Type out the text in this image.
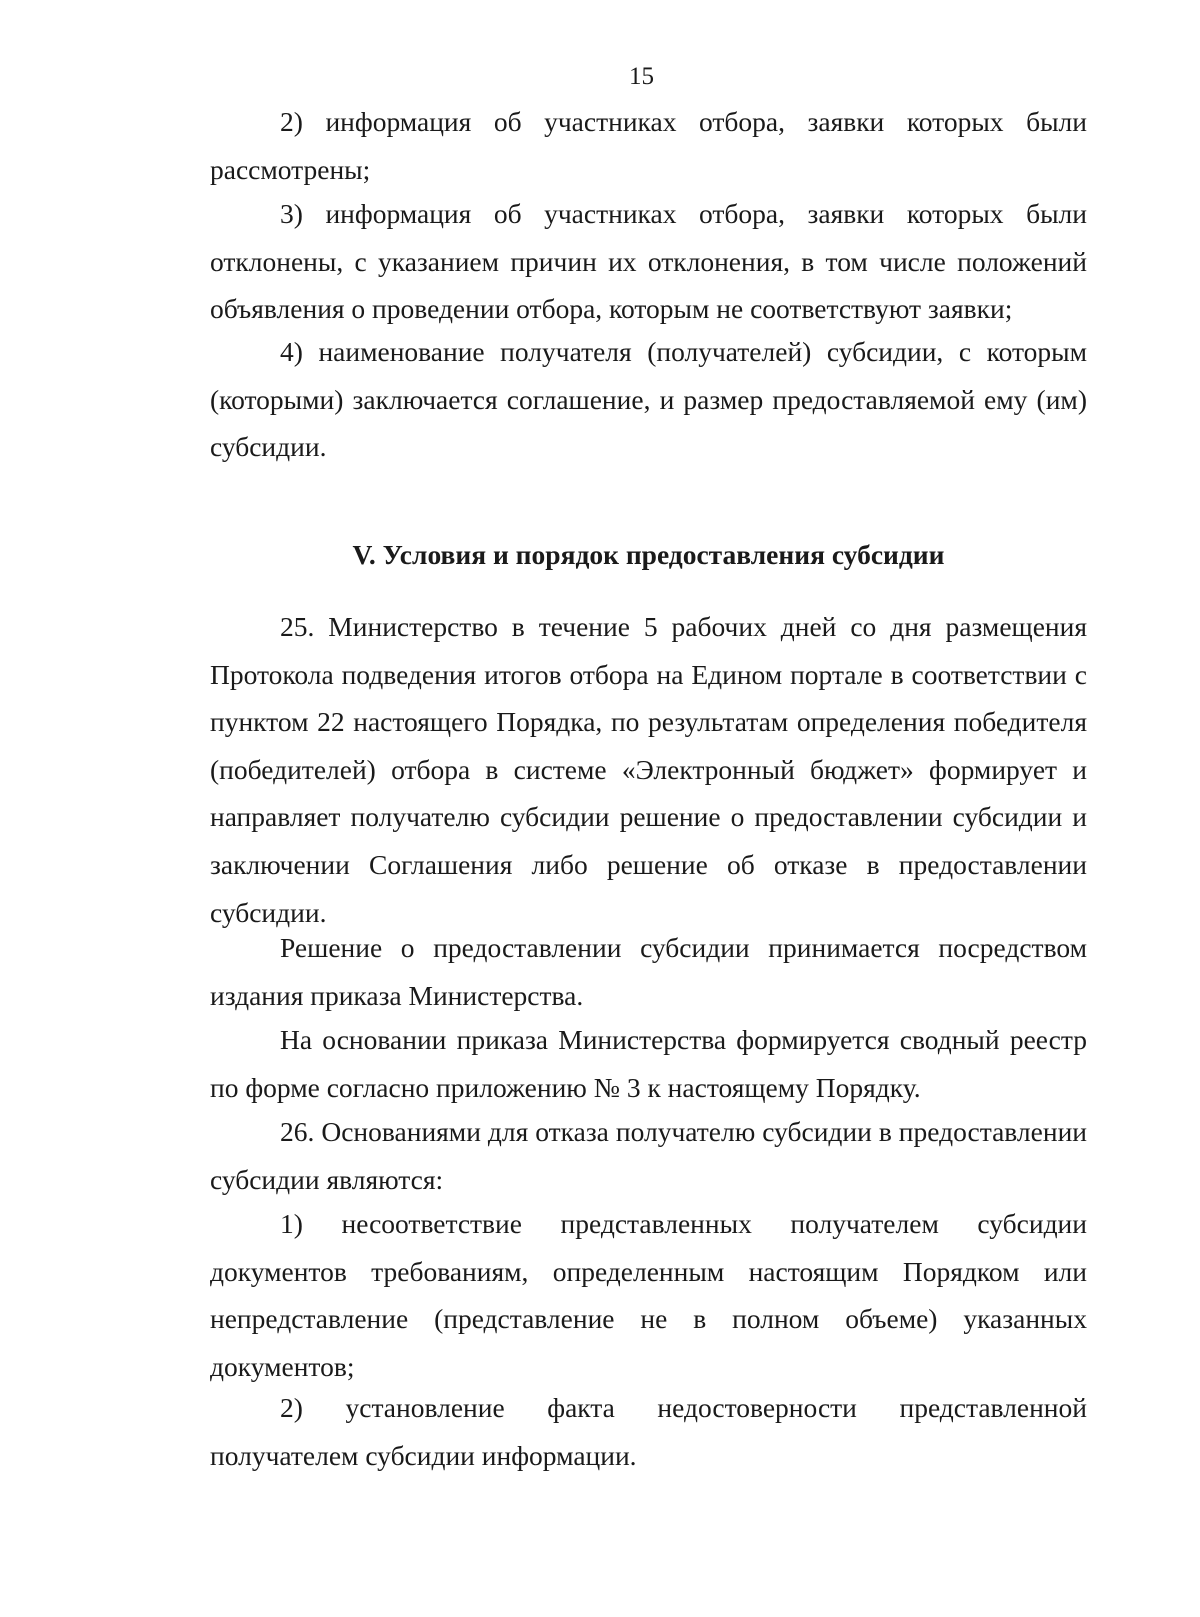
15

2) информация об участниках отбора, заявки которых были рассмотрены;

3) информация об участниках отбора, заявки которых были отклонены, с указанием причин их отклонения, в том числе положений объявления о проведении отбора, которым не соответствуют заявки;

4) наименование получателя (получателей) субсидии, с которым (которыми) заключается соглашение, и размер предоставляемой ему (им) субсидии.

V. Условия и порядок предоставления субсидии

25. Министерство в течение 5 рабочих дней со дня размещения Протокола подведения итогов отбора на Едином портале в соответствии с пунктом 22 настоящего Порядка, по результатам определения победителя (победителей) отбора в системе «Электронный бюджет» формирует и направляет получателю субсидии решение о предоставлении субсидии и заключении Соглашения либо решение об отказе в предоставлении субсидии.

Решение о предоставлении субсидии принимается посредством издания приказа Министерства.

На основании приказа Министерства формируется сводный реестр по форме согласно приложению № 3 к настоящему Порядку.

26. Основаниями для отказа получателю субсидии в предоставлении субсидии являются:

1) несоответствие представленных получателем субсидии документов требованиям, определенным настоящим Порядком или непредставление (представление не в полном объеме) указанных документов;

2) установление факта недостоверности представленной получателем субсидии информации.
